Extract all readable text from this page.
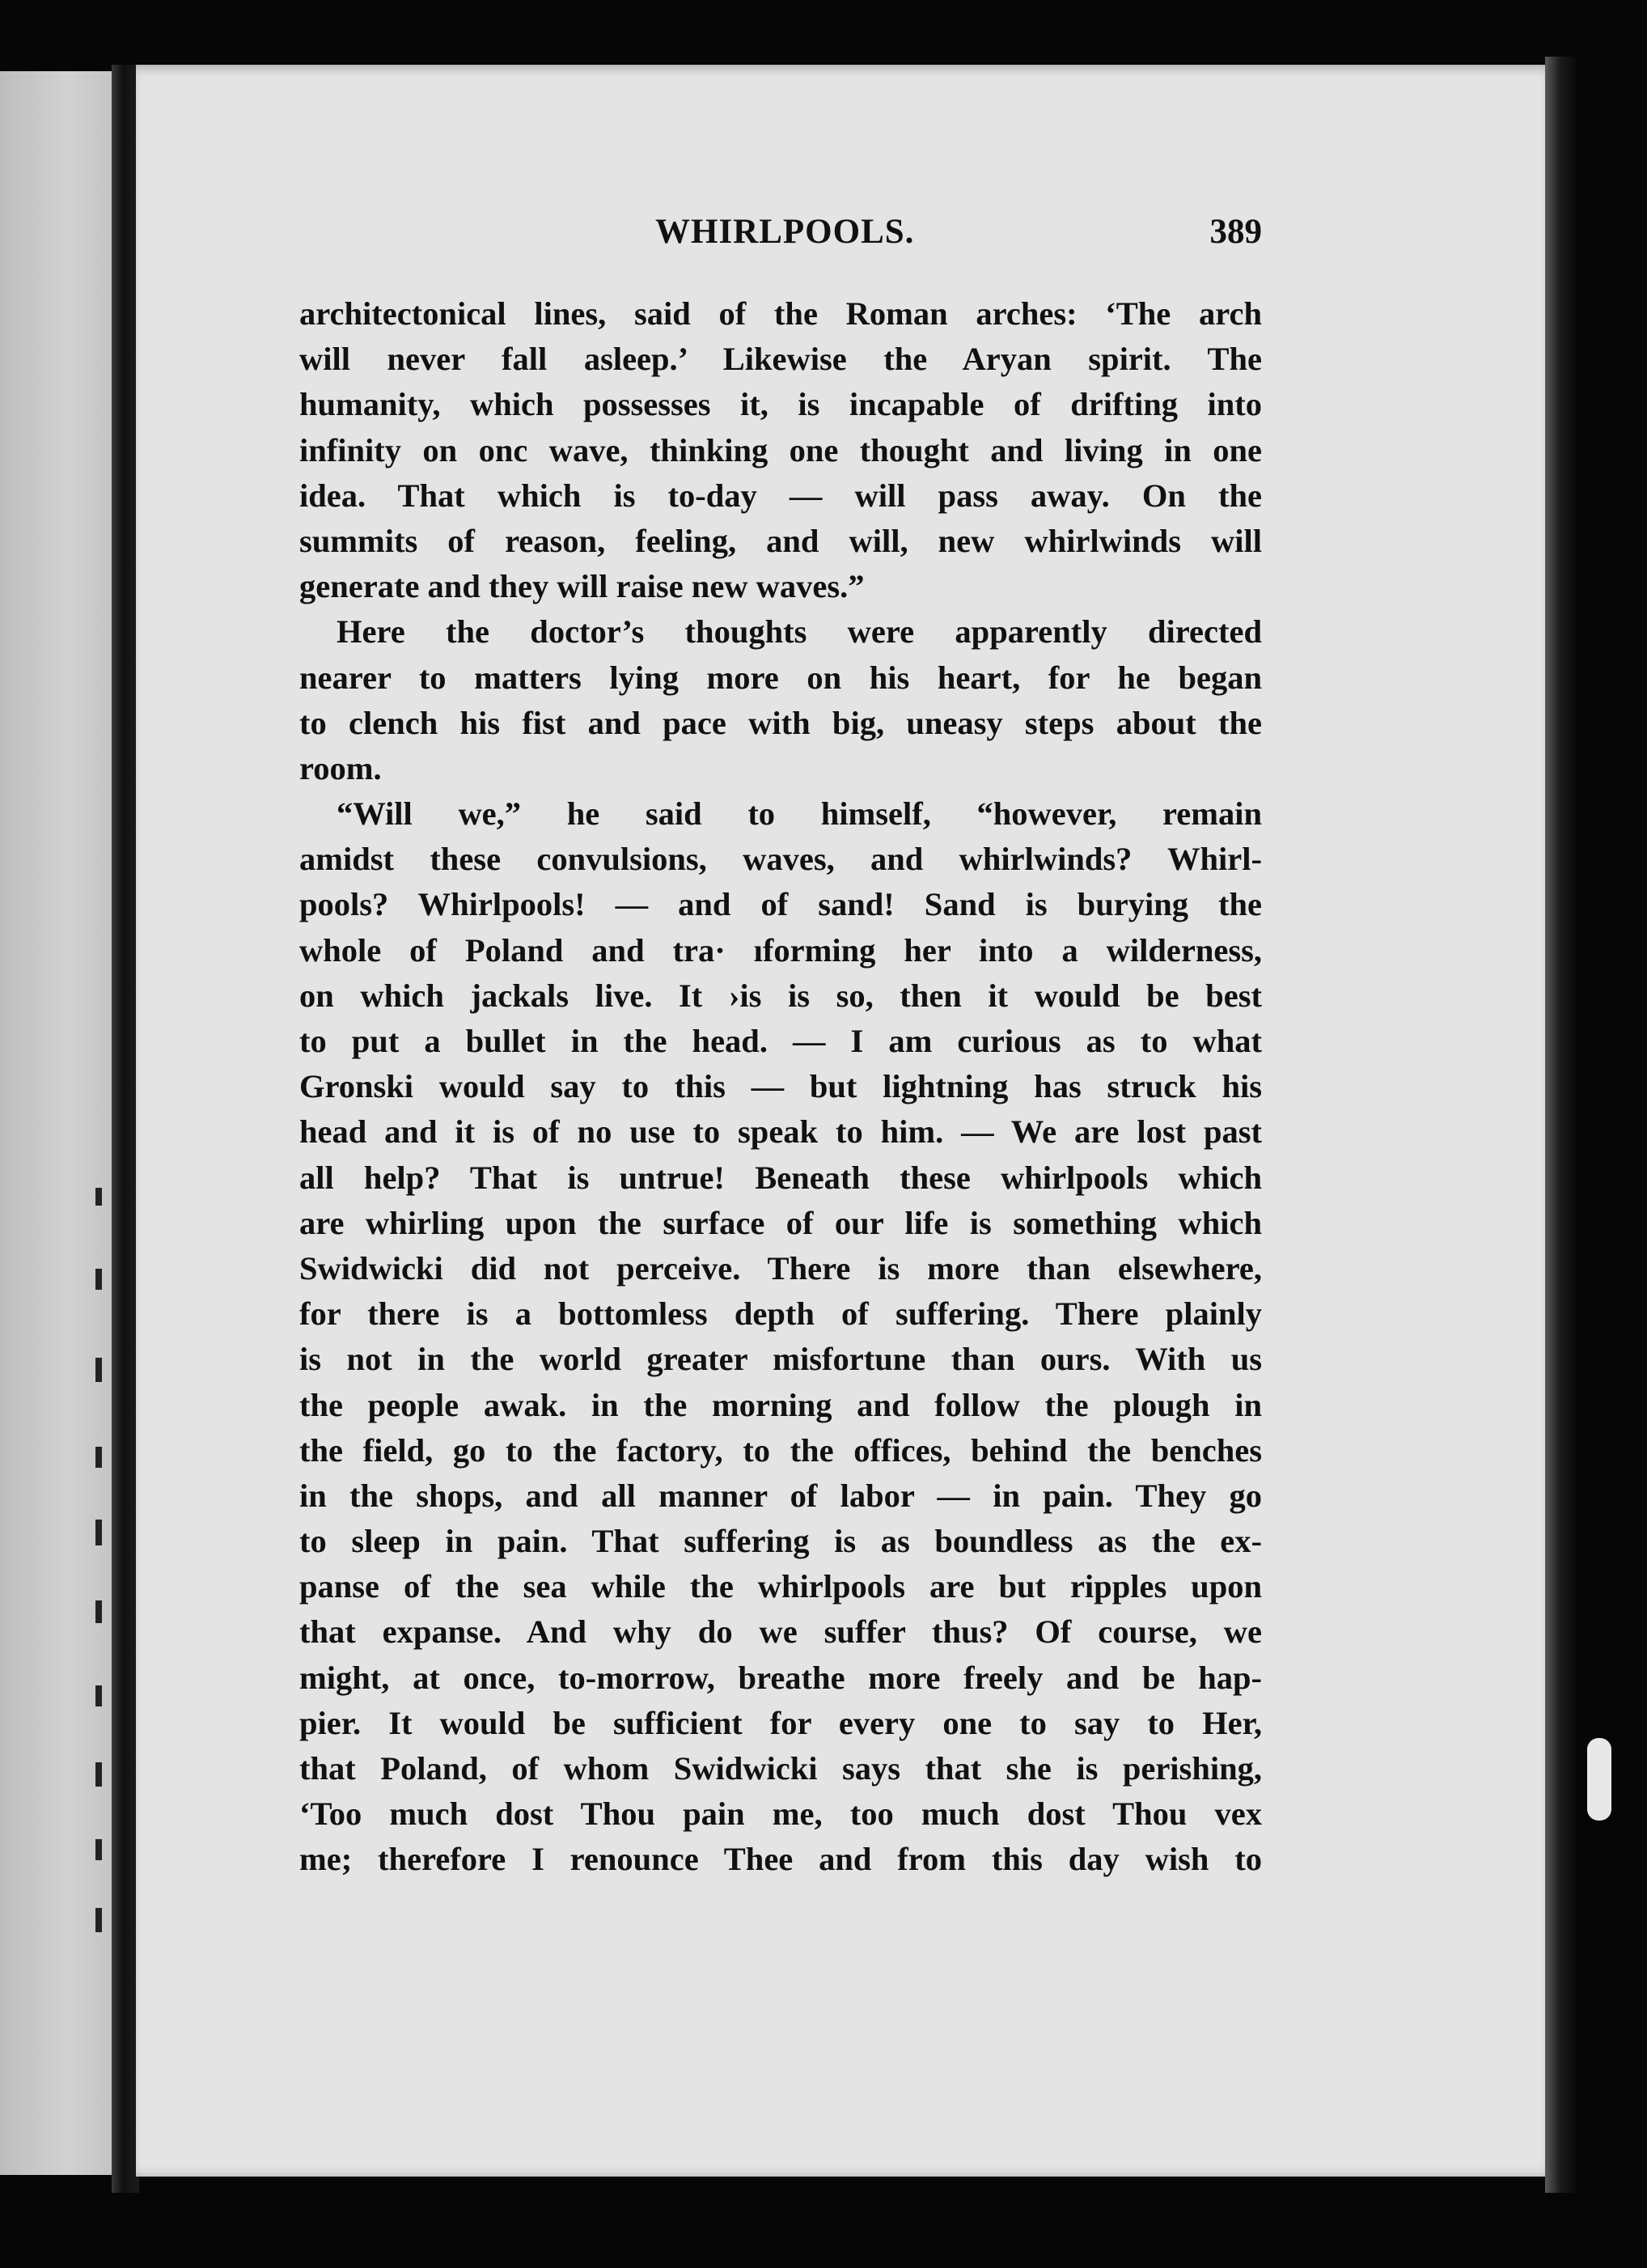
WHIRLPOOLS.	389
architectonical lines, said of the Roman arches: ‘The arch
will never fall asleep.’ Likewise the Aryan spirit. The
humanity, which possesses it, is incapable of drifting into
infinity on onc wave, thinking one thought and living in one
idea. That which is to-day — will pass away. On the
summits of reason, feeling, and will, new whirlwinds will
generate and they will raise new waves.”
Here the doctor’s thoughts were apparently directed
nearer to matters lying more on his heart, for he began
to clench his fist and pace with big, uneasy steps about the
room.
“Will we,” he said to himself, “however, remain
amidst these convulsions, waves, and whirlwinds? Whirl-
pools? Whirlpools! — and of sand! Sand is burying the
whole of Poland and tra· ıforming her into a wilderness,
on which jackals live. It ›is is so, then it would be best
to put a bullet in the head. — I am curious as to what
Gronski would say to this — but lightning has struck his
head and it is of no use to speak to him. — We are lost past
all help? That is untrue! Beneath these whirlpools which
are whirling upon the surface of our life is something which
Swidwicki did not perceive. There is more than elsewhere,
for there is a bottomless depth of suffering. There plainly
is not in the world greater misfortune than ours. With us
the people awak. in the morning and follow the plough in
the field, go to the factory, to the offices, behind the benches
in the shops, and all manner of labor — in pain. They go
to sleep in pain. That suffering is as boundless as the ex-
panse of the sea while the whirlpools are but ripples upon
that expanse. And why do we suffer thus? Of course, we
might, at once, to-morrow, breathe more freely and be hap-
pier. It would be sufficient for every one to say to Her,
that Poland, of whom Swidwicki says that she is perishing,
‘Too much dost Thou pain me, too much dost Thou vex
me; therefore I renounce Thee and from this day wish to
